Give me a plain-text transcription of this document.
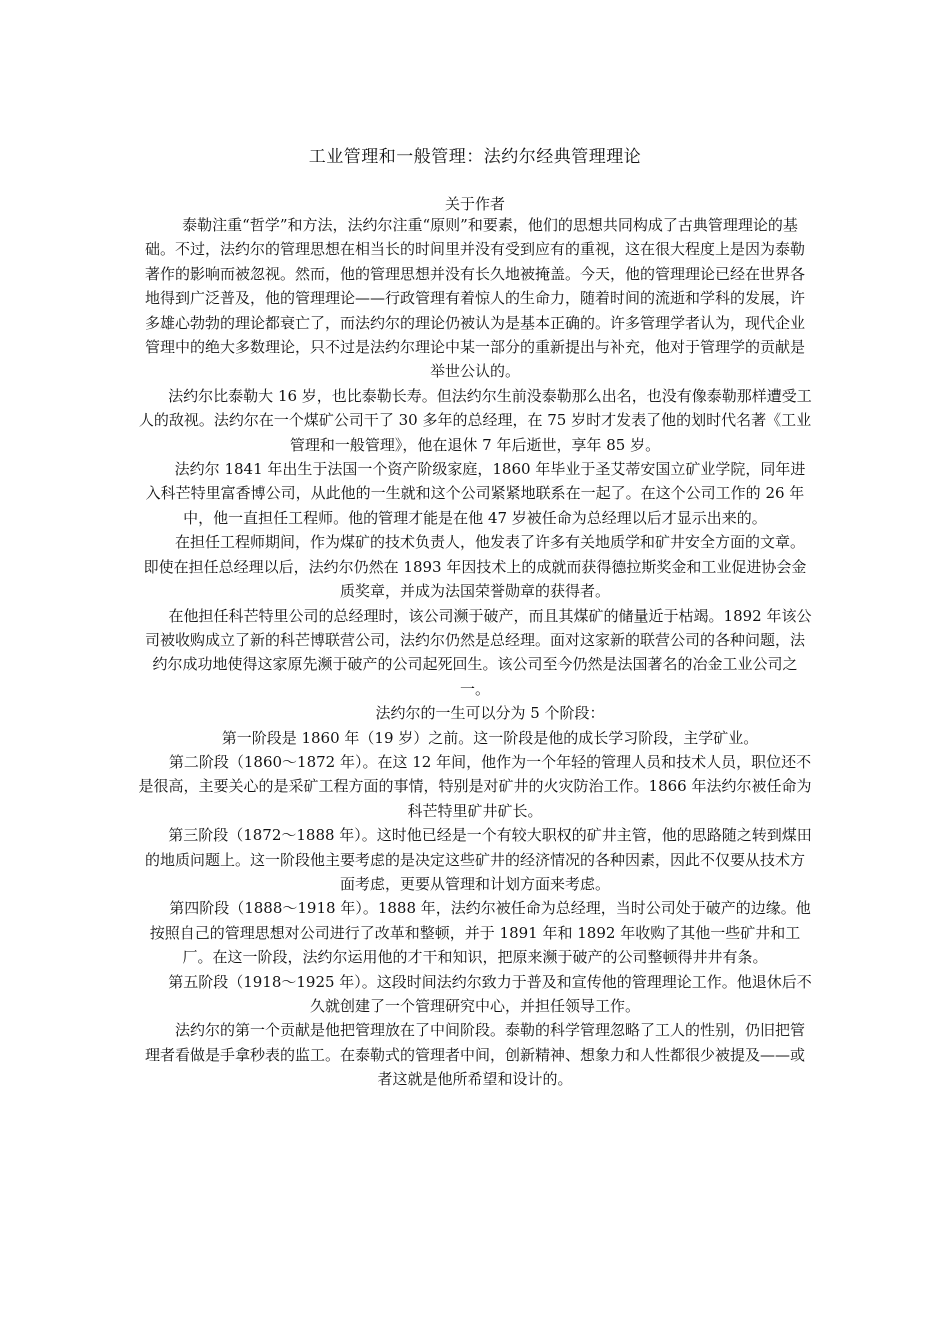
工业管理和一般管理：法约尔经典管理理论
关于作者

泰勒注重“哲学”和方法，法约尔注重“原则”和要素，他们的思想共同构成了古典管理理论的基础。不过，法约尔的管理思想在相当长的时间里并没有受到应有的重视，这在很大程度上是因为泰勒著作的影响而被忽视。然而，他的管理思想并没有长久地被掩盖。今天，他的管理理论已经在世界各地得到广泛普及，他的管理理论——行政管理有着惊人的生命力，随着时间的流逝和学科的发展，许多雄心勃勃的理论都衰亡了，而法约尔的理论仍被认为是基本正确的。许多管理学者认为，现代企业管理中的绝大多数理论，只不过是法约尔理论中某一部分的重新提出与补充，他对于管理学的贡献是举世公认的。

法约尔比泰勒大 16 岁，也比泰勒长寿。但法约尔生前没泰勒那么出名，也没有像泰勒那样遭受工人的敌视。法约尔在一个煤矿公司干了 30 多年的总经理，在 75 岁时才发表了他的划时代名著《工业管理和一般管理》，他在退休 7 年后逝世，享年 85 岁。

法约尔 1841 年出生于法国一个资产阶级家庭，1860 年毕业于圣艾蒂安国立矿业学院，同年进入科芒特里富香博公司，从此他的一生就和这个公司紧紧地联系在一起了。在这个公司工作的 26 年中，他一直担任工程师。他的管理才能是在他 47 岁被任命为总经理以后才显示出来的。

在担任工程师期间，作为煤矿的技术负责人，他发表了许多有关地质学和矿井安全方面的文章。即使在担任总经理以后，法约尔仍然在 1893 年因技术上的成就而获得德拉斯奖金和工业促进协会金质奖章，并成为法国荣誉勋章的获得者。

在他担任科芒特里公司的总经理时，该公司濒于破产，而且其煤矿的储量近于枯竭。1892 年该公司被收购成立了新的科芒博联营公司，法约尔仍然是总经理。面对这家新的联营公司的各种问题，法约尔成功地使得这家原先濒于破产的公司起死回生。该公司至今仍然是法国著名的冶金工业公司之一。

法约尔的一生可以分为 5 个阶段：

第一阶段是 1860 年（19 岁）之前。这一阶段是他的成长学习阶段，主学矿业。

第二阶段（1860～1872 年）。在这 12 年间，他作为一个年轻的管理人员和技术人员，职位还不是很高，主要关心的是采矿工程方面的事情，特别是对矿井的火灾防治工作。1866 年法约尔被任命为科芒特里矿井矿长。

第三阶段（1872～1888 年）。这时他已经是一个有较大职权的矿井主管，他的思路随之转到煤田的地质问题上。这一阶段他主要考虑的是决定这些矿井的经济情况的各种因素，因此不仅要从技术方面考虑，更要从管理和计划方面来考虑。

第四阶段（1888～1918 年）。1888 年，法约尔被任命为总经理，当时公司处于破产的边缘。他按照自己的管理思想对公司进行了改革和整顿，并于 1891 年和 1892 年收购了其他一些矿井和工厂。在这一阶段，法约尔运用他的才干和知识，把原来濒于破产的公司整顿得井井有条。

第五阶段（1918～1925 年）。这段时间法约尔致力于普及和宣传他的管理理论工作。他退休后不久就创建了一个管理研究中心，并担任领导工作。

法约尔的第一个贡献是他把管理放在了中间阶段。泰勒的科学管理忽略了工人的性别，仍旧把管理者看做是手拿秒表的监工。在泰勒式的管理者中间，创新精神、想象力和人性都很少被提及——或者这就是他所希望和设计的。
